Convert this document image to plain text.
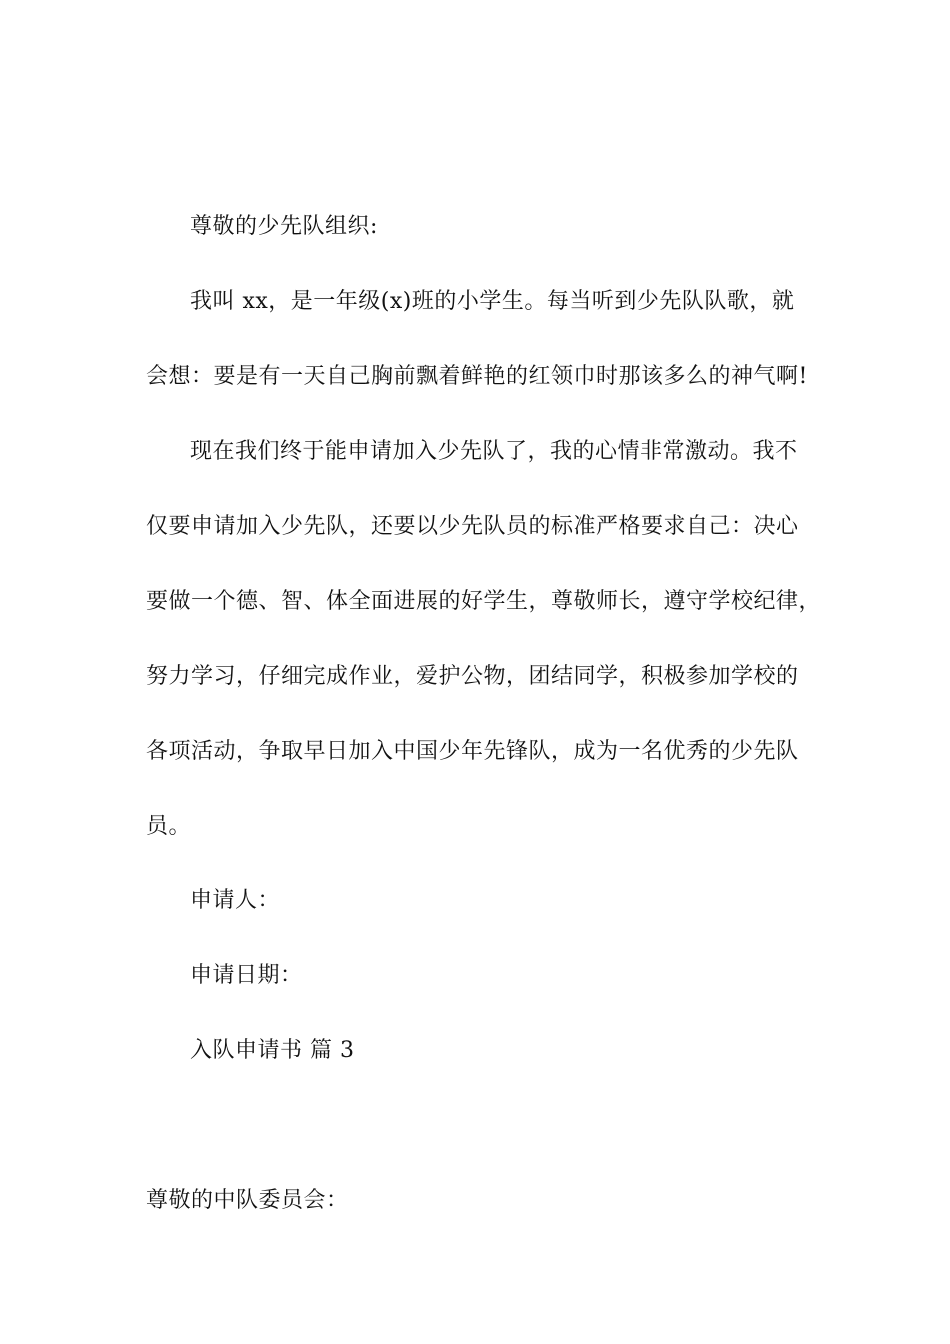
尊敬的少先队组织:
我叫 xx，是一年级(x)班的小学生。每当听到少先队队歌，就
会想：要是有一天自己胸前飘着鲜艳的红领巾时那该多么的神气啊!
现在我们终于能申请加入少先队了，我的心情非常激动。我不
仅要申请加入少先队，还要以少先队员的标准严格要求自己：决心
要做一个德、智、体全面进展的好学生，尊敬师长，遵守学校纪律，
努力学习，仔细完成作业，爱护公物，团结同学，积极参加学校的
各项活动，争取早日加入中国少年先锋队，成为一名优秀的少先队
员。
申请人：
申请日期：
入队申请书 篇 3
尊敬的中队委员会：
